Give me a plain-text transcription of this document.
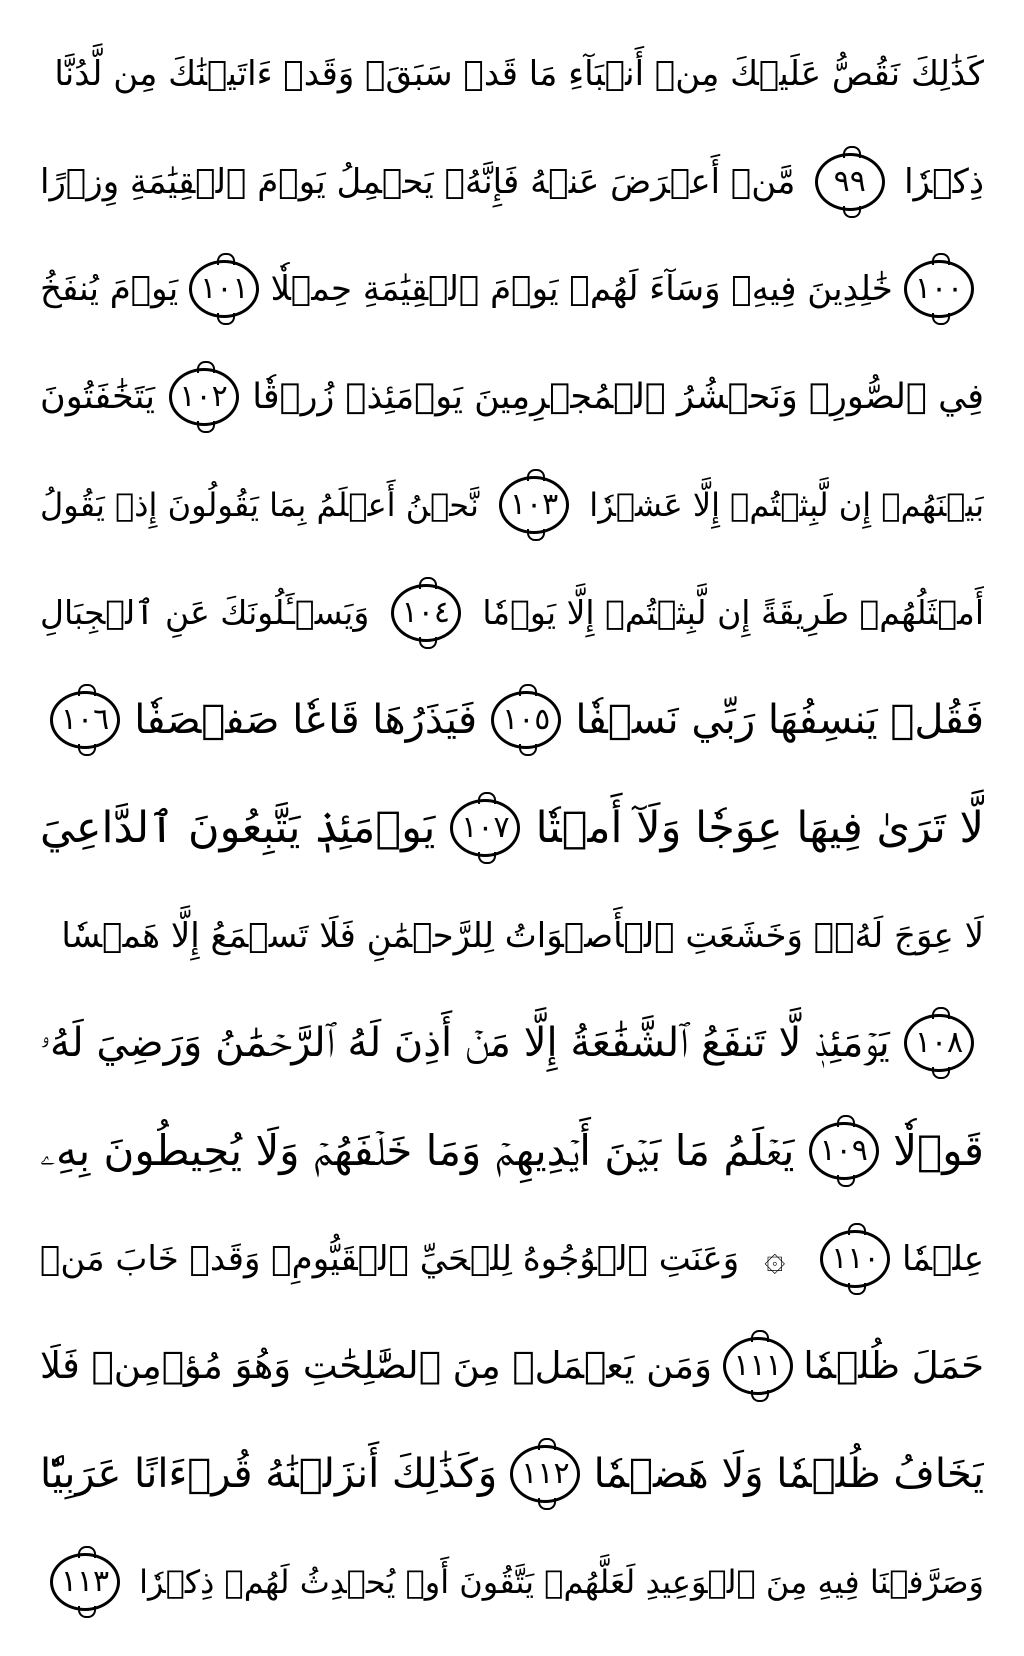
كَذَٰلِكَ نَقُصُّ عَلَيۡكَ مِنۡ أَنۢبَآءِ مَا قَدۡ سَبَقَۚ وَقَدۡ ءَاتَيۡنَٰكَ مِن لَّدُنَّا
ذِكۡرٗا
٩٩
مَّنۡ أَعۡرَضَ عَنۡهُ فَإِنَّهُۥ يَحۡمِلُ يَوۡمَ ٱلۡقِيَٰمَةِ وِزۡرًا
١٠٠
خَٰلِدِينَ فِيهِۖ وَسَآءَ لَهُمۡ يَوۡمَ ٱلۡقِيَٰمَةِ حِمۡلٗا
١٠١
يَوۡمَ يُنفَخُ
فِي ٱلصُّورِۚ وَنَحۡشُرُ ٱلۡمُجۡرِمِينَ يَوۡمَئِذٖ زُرۡقٗا
١٠٢
يَتَخَٰفَتُونَ
بَيۡنَهُمۡ إِن لَّبِثۡتُمۡ إِلَّا عَشۡرٗا
١٠٣
نَّحۡنُ أَعۡلَمُ بِمَا يَقُولُونَ إِذۡ يَقُولُ
أَمۡثَلُهُمۡ طَرِيقَةً إِن لَّبِثۡتُمۡ إِلَّا يَوۡمٗا
١٠٤
وَيَسۡـَٔلُونَكَ عَنِ ٱلۡجِبَالِ
فَقُلۡ يَنسِفُهَا رَبِّي نَسۡفٗا
١٠٥
فَيَذَرُهَا قَاعٗا صَفۡصَفٗا
١٠٦
لَّا تَرَىٰ فِيهَا عِوَجٗا وَلَآ أَمۡتٗا
١٠٧
يَوۡمَئِذٖ يَتَّبِعُونَ ٱلدَّاعِيَ
لَا عِوَجَ لَهُۥۖ وَخَشَعَتِ ٱلۡأَصۡوَاتُ لِلرَّحۡمَٰنِ فَلَا تَسۡمَعُ إِلَّا هَمۡسٗا
١٠٨
يَوۡمَئِذٖ لَّا تَنفَعُ ٱلشَّفَٰعَةُ إِلَّا مَنۡ أَذِنَ لَهُ ٱلرَّحۡمَٰنُ وَرَضِيَ لَهُۥ
قَوۡلٗا
١٠٩
يَعۡلَمُ مَا بَيۡنَ أَيۡدِيهِمۡ وَمَا خَلۡفَهُمۡ وَلَا يُحِيطُونَ بِهِۦ
عِلۡمٗا
١١٠
۞
وَعَنَتِ ٱلۡوُجُوهُ لِلۡحَيِّ ٱلۡقَيُّومِۖ وَقَدۡ خَابَ مَنۡ
حَمَلَ ظُلۡمٗا
١١١
وَمَن يَعۡمَلۡ مِنَ ٱلصَّٰلِحَٰتِ وَهُوَ مُؤۡمِنٞ فَلَا
يَخَافُ ظُلۡمٗا وَلَا هَضۡمٗا
١١٢
وَكَذَٰلِكَ أَنزَلۡنَٰهُ قُرۡءَانًا عَرَبِيّٗا
وَصَرَّفۡنَا فِيهِ مِنَ ٱلۡوَعِيدِ لَعَلَّهُمۡ يَتَّقُونَ أَوۡ يُحۡدِثُ لَهُمۡ ذِكۡرٗا
١١٣
